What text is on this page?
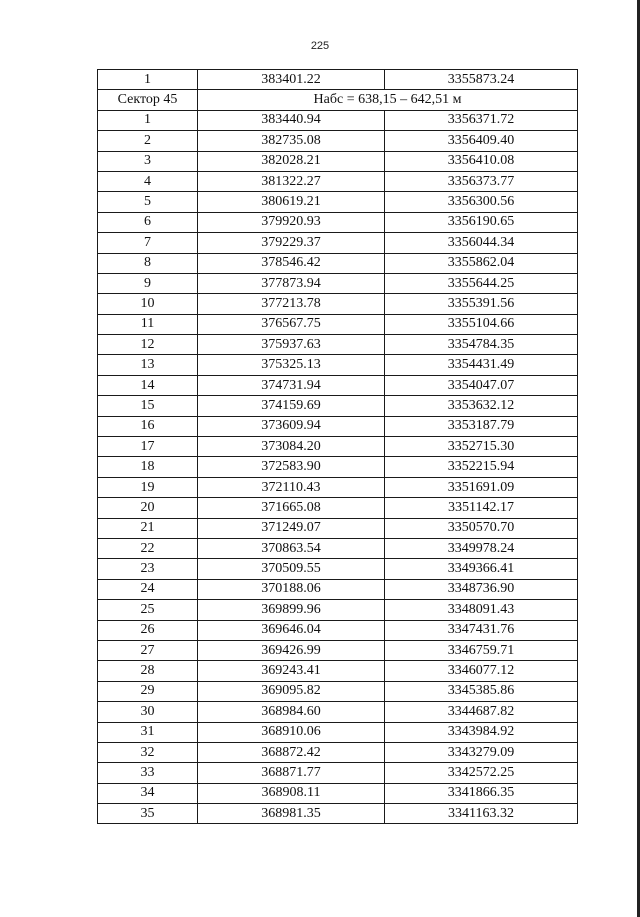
225
1	383401.22	3355873.24
Сектор 45	Набс = 638,15 – 642,51 м	
1	383440.94	3356371.72
2	382735.08	3356409.40
3	382028.21	3356410.08
4	381322.27	3356373.77
5	380619.21	3356300.56
6	379920.93	3356190.65
7	379229.37	3356044.34
8	378546.42	3355862.04
9	377873.94	3355644.25
10	377213.78	3355391.56
11	376567.75	3355104.66
12	375937.63	3354784.35
13	375325.13	3354431.49
14	374731.94	3354047.07
15	374159.69	3353632.12
16	373609.94	3353187.79
17	373084.20	3352715.30
18	372583.90	3352215.94
19	372110.43	3351691.09
20	371665.08	3351142.17
21	371249.07	3350570.70
22	370863.54	3349978.24
23	370509.55	3349366.41
24	370188.06	3348736.90
25	369899.96	3348091.43
26	369646.04	3347431.76
27	369426.99	3346759.71
28	369243.41	3346077.12
29	369095.82	3345385.86
30	368984.60	3344687.82
31	368910.06	3343984.92
32	368872.42	3343279.09
33	368871.77	3342572.25
34	368908.11	3341866.35
35	368981.35	3341163.32
